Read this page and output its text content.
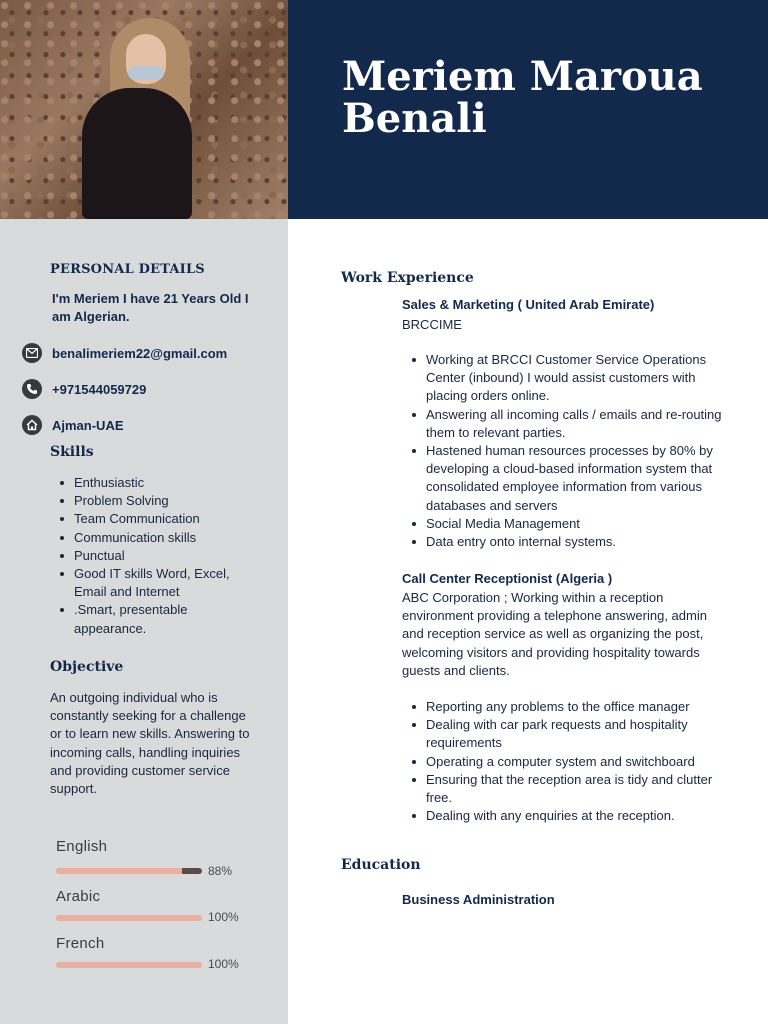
Meriem Maroua Benali
PERSONAL DETAILS
I'm Meriem I have 21 Years Old I am Algerian.
benalimeriem22@gmail.com
+971544059729
Ajman-UAE
Skills
Enthusiastic
Problem Solving
Team Communication
Communication skills
Punctual
Good IT skills Word, Excel, Email and Internet
.Smart, presentable appearance.
Objective
An outgoing individual who is constantly seeking for a challenge or to learn new skills. Answering to incoming calls, handling inquiries and providing customer service support.
English
88%
Arabic
100%
French
100%
Work Experience
Sales & Marketing ( United Arab Emirate)
BRCCIME
Working at BRCCI Customer Service Operations Center (inbound) I would assist customers with placing orders online.
Answering all incoming calls / emails and re-routing them to relevant parties.
Hastened human resources processes by 80% by developing a cloud-based information system that consolidated employee information from various databases and servers
Social Media Management
Data entry onto internal systems.
Call Center Receptionist (Algeria )
ABC Corporation ; Working within a reception environment providing a telephone answering, admin and reception service as well as organizing the post, welcoming visitors and providing hospitality towards guests and clients.
Reporting any problems to the office manager
Dealing with car park requests and hospitality requirements
Operating a computer system and switchboard
Ensuring that the reception area is tidy and clutter free.
Dealing with any enquiries at the reception.
Education
Business Administration
